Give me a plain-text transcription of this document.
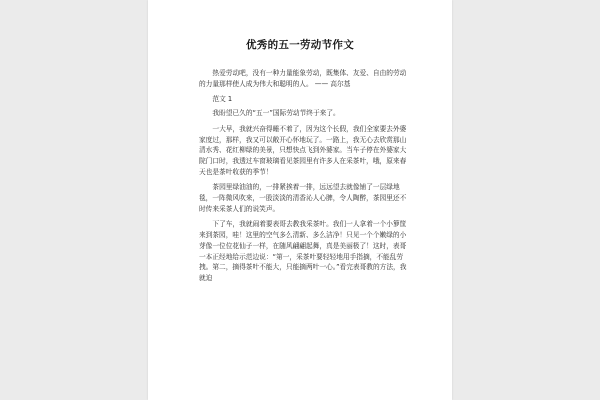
优秀的五一劳动节作文

热爱劳动吧，没有一种力量能象劳动，既集体、友爱、自由的劳动的力量那样使人成为伟大和聪明的人。 —— 高尔基

范文 1

我盼望已久的“五一”国际劳动节终于来了。

一大早，我就兴奋得睡不着了，因为这个长假，我们全家要去外婆家度过，那样，我又可以敞开心怀地玩了。一路上，我无心去欣赏那山清水秀、花红柳绿的美景，只想快点飞到外婆家。当车子停在外婆家大院门口时，我透过车窗玻璃看见茶园里有许多人在采茶叶，哦，原来春天也是茶叶收获的季节！

茶园里绿油油的，一排紧挨着一排，远远望去就像铺了一层绿地毯，一阵微风吹来，一股淡淡的清香沁人心脾，令人陶醉，茶园里还不时传来采茶人们的说笑声。

下了车，我就闹着要表哥去教我采茶叶。我们一人拿着一个小箩筐来到茶园，哇！这里的空气多么清新、多么洁净！只见一个个嫩绿的小芽像一位位花仙子一样，在随风翩翩起舞，真是美丽极了！这时，表哥一本正经地给示范边说：“第一，采茶叶要轻轻地用手指摘，不能乱劳拽。第二，摘得茶叶不能大，只能摘两叶一心。”看完表哥教的方法，我就迫
